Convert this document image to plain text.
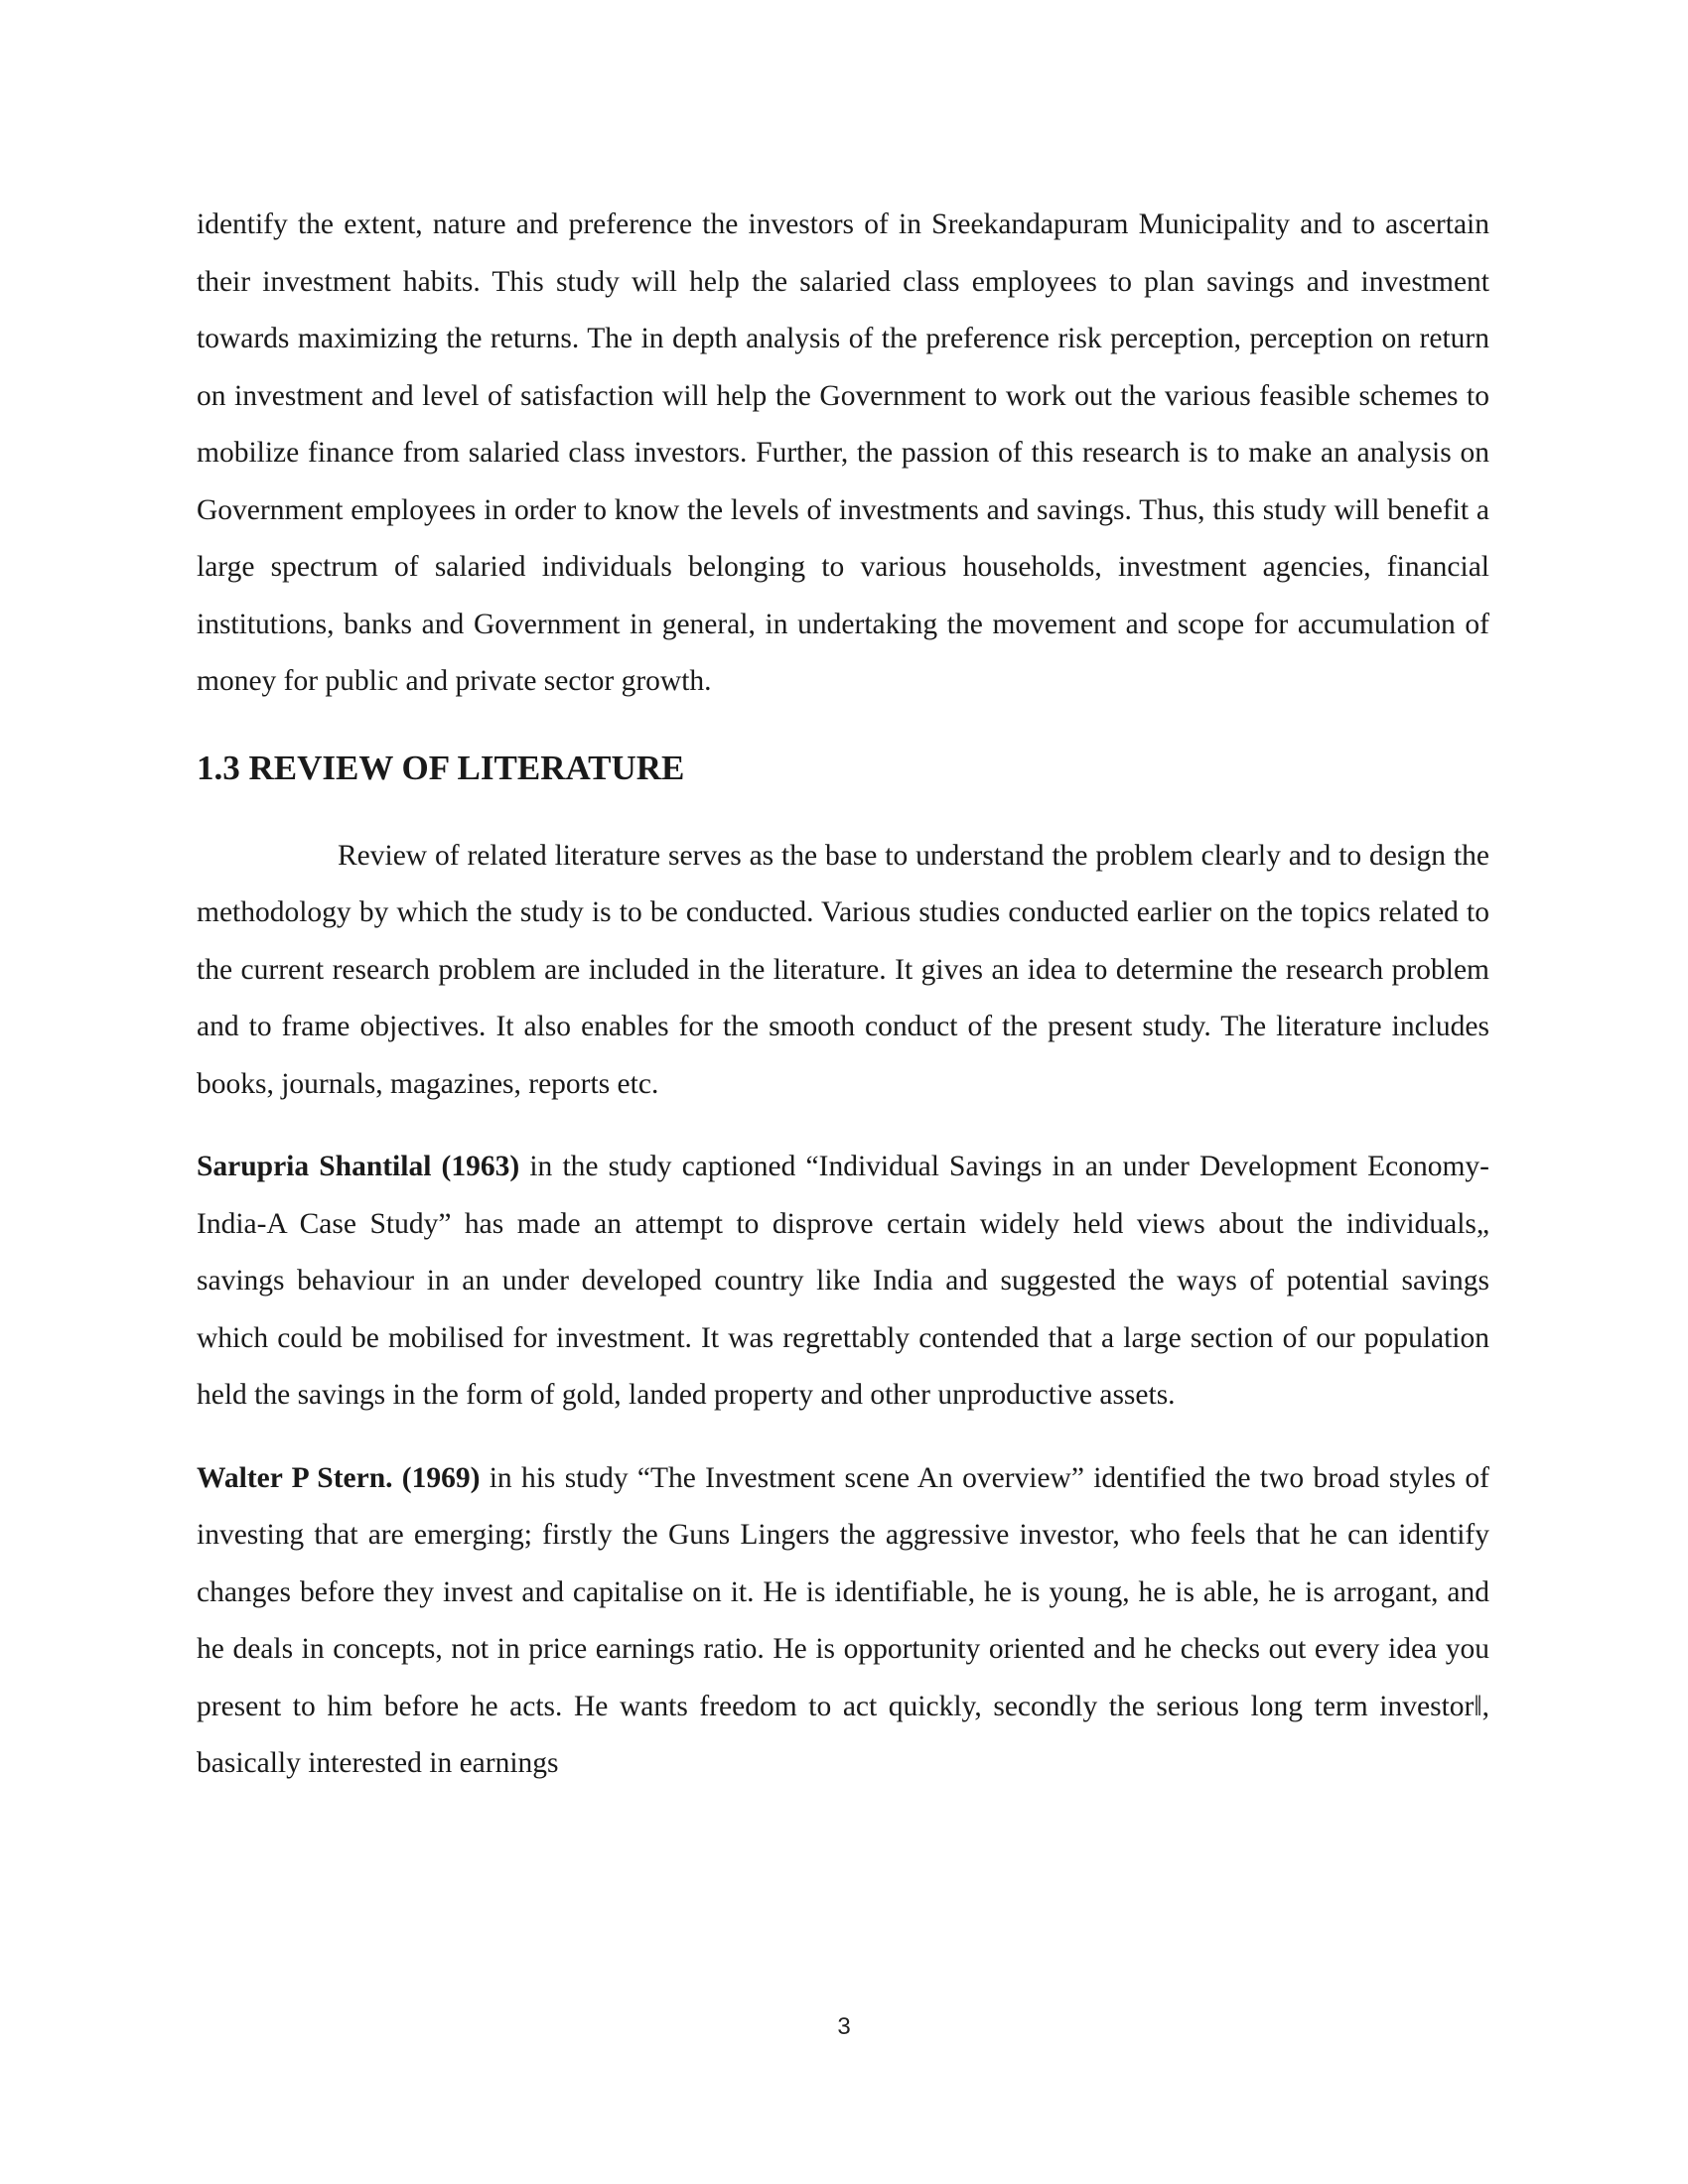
identify the extent, nature and preference the investors of in Sreekandapuram Municipality and to ascertain their investment habits. This study will help the salaried class employees to plan savings and investment towards maximizing the returns. The in depth analysis of the preference risk perception, perception on return on investment and level of satisfaction will help the Government to work out the various feasible schemes to mobilize finance from salaried class investors. Further, the passion of this research is to make an analysis on Government employees in order to know the levels of investments and savings. Thus, this study will benefit a large spectrum of salaried individuals belonging to various households, investment agencies, financial institutions, banks and Government in general, in undertaking the movement and scope for accumulation of money for public and private sector growth.

1.3 REVIEW OF LITERATURE

Review of related literature serves as the base to understand the problem clearly and to design the methodology by which the study is to be conducted. Various studies conducted earlier on the topics related to the current research problem are included in the literature. It gives an idea to determine the research problem and to frame objectives. It also enables for the smooth conduct of the present study. The literature includes books, journals, magazines, reports etc.

Sarupria Shantilal (1963) in the study captioned “Individual Savings in an under Development Economy-India-A Case Study” has made an attempt to disprove certain widely held views about the individuals„ savings behaviour in an under developed country like India and suggested the ways of potential savings which could be mobilised for investment. It was regrettably contended that a large section of our population held the savings in the form of gold, landed property and other unproductive assets.

Walter P Stern. (1969) in his study “The Investment scene An overview” identified the two broad styles of investing that are emerging; firstly the Guns Lingers the aggressive investor, who feels that he can identify changes before they invest and capitalise on it. He is identifiable, he is young, he is able, he is arrogant, and he deals in concepts, not in price earnings ratio. He is opportunity oriented and he checks out every idea you present to him before he acts. He wants freedom to act quickly, secondly the serious long term investor‖, basically interested in earnings

3
